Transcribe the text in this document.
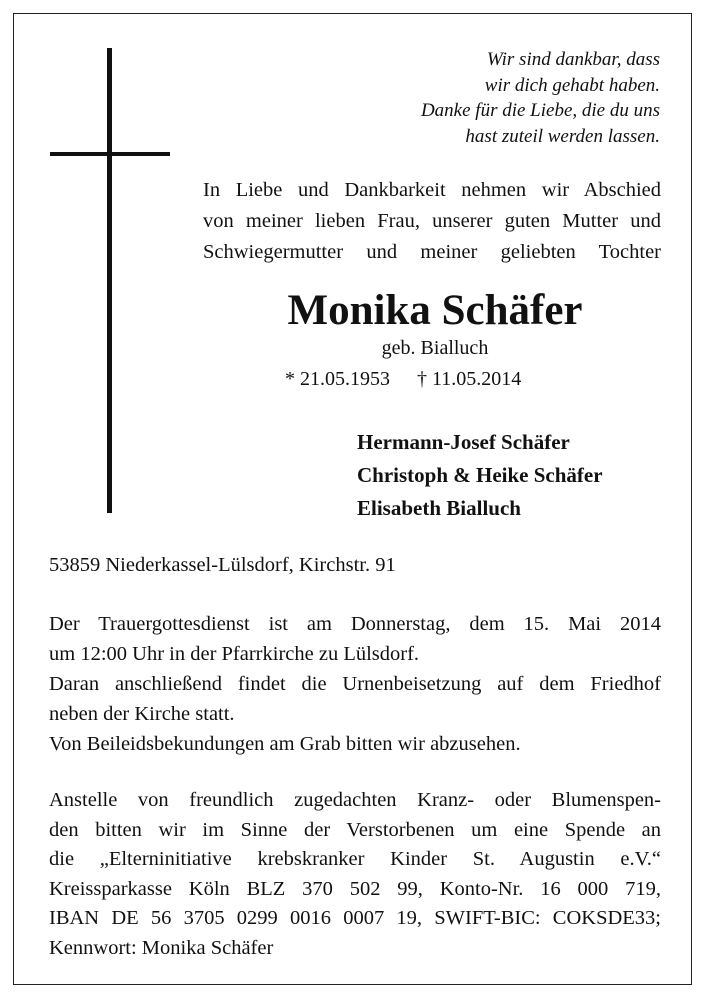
Wir sind dankbar, dass
wir dich gehabt haben.
Danke für die Liebe, die du uns
hast zuteil werden lassen.
In Liebe und Dankbarkeit nehmen wir Abschied
von meiner lieben Frau, unserer guten Mutter und
Schwiegermutter und meiner geliebten Tochter
Monika Schäfer
geb. Bialluch
* 21.05.1953 † 11.05.2014
Hermann-Josef Schäfer
Christoph & Heike Schäfer
Elisabeth Bialluch
53859 Niederkassel-Lülsdorf, Kirchstr. 91
Der Trauergottesdienst ist am Donnerstag, dem 15. Mai 2014
um 12:00 Uhr in der Pfarrkirche zu Lülsdorf.
Daran anschließend findet die Urnenbeisetzung auf dem Friedhof
neben der Kirche statt.
Von Beileidsbekundungen am Grab bitten wir abzusehen.
Anstelle von freundlich zugedachten Kranz- oder Blumenspen-
den bitten wir im Sinne der Verstorbenen um eine Spende an
die „Elterninitiative krebskranker Kinder St. Augustin e.V.“
Kreissparkasse Köln BLZ 370 502 99, Konto-Nr. 16 000 719,
IBAN DE 56 3705 0299 0016 0007 19, SWIFT-BIC: COKSDE33;
Kennwort: Monika Schäfer
